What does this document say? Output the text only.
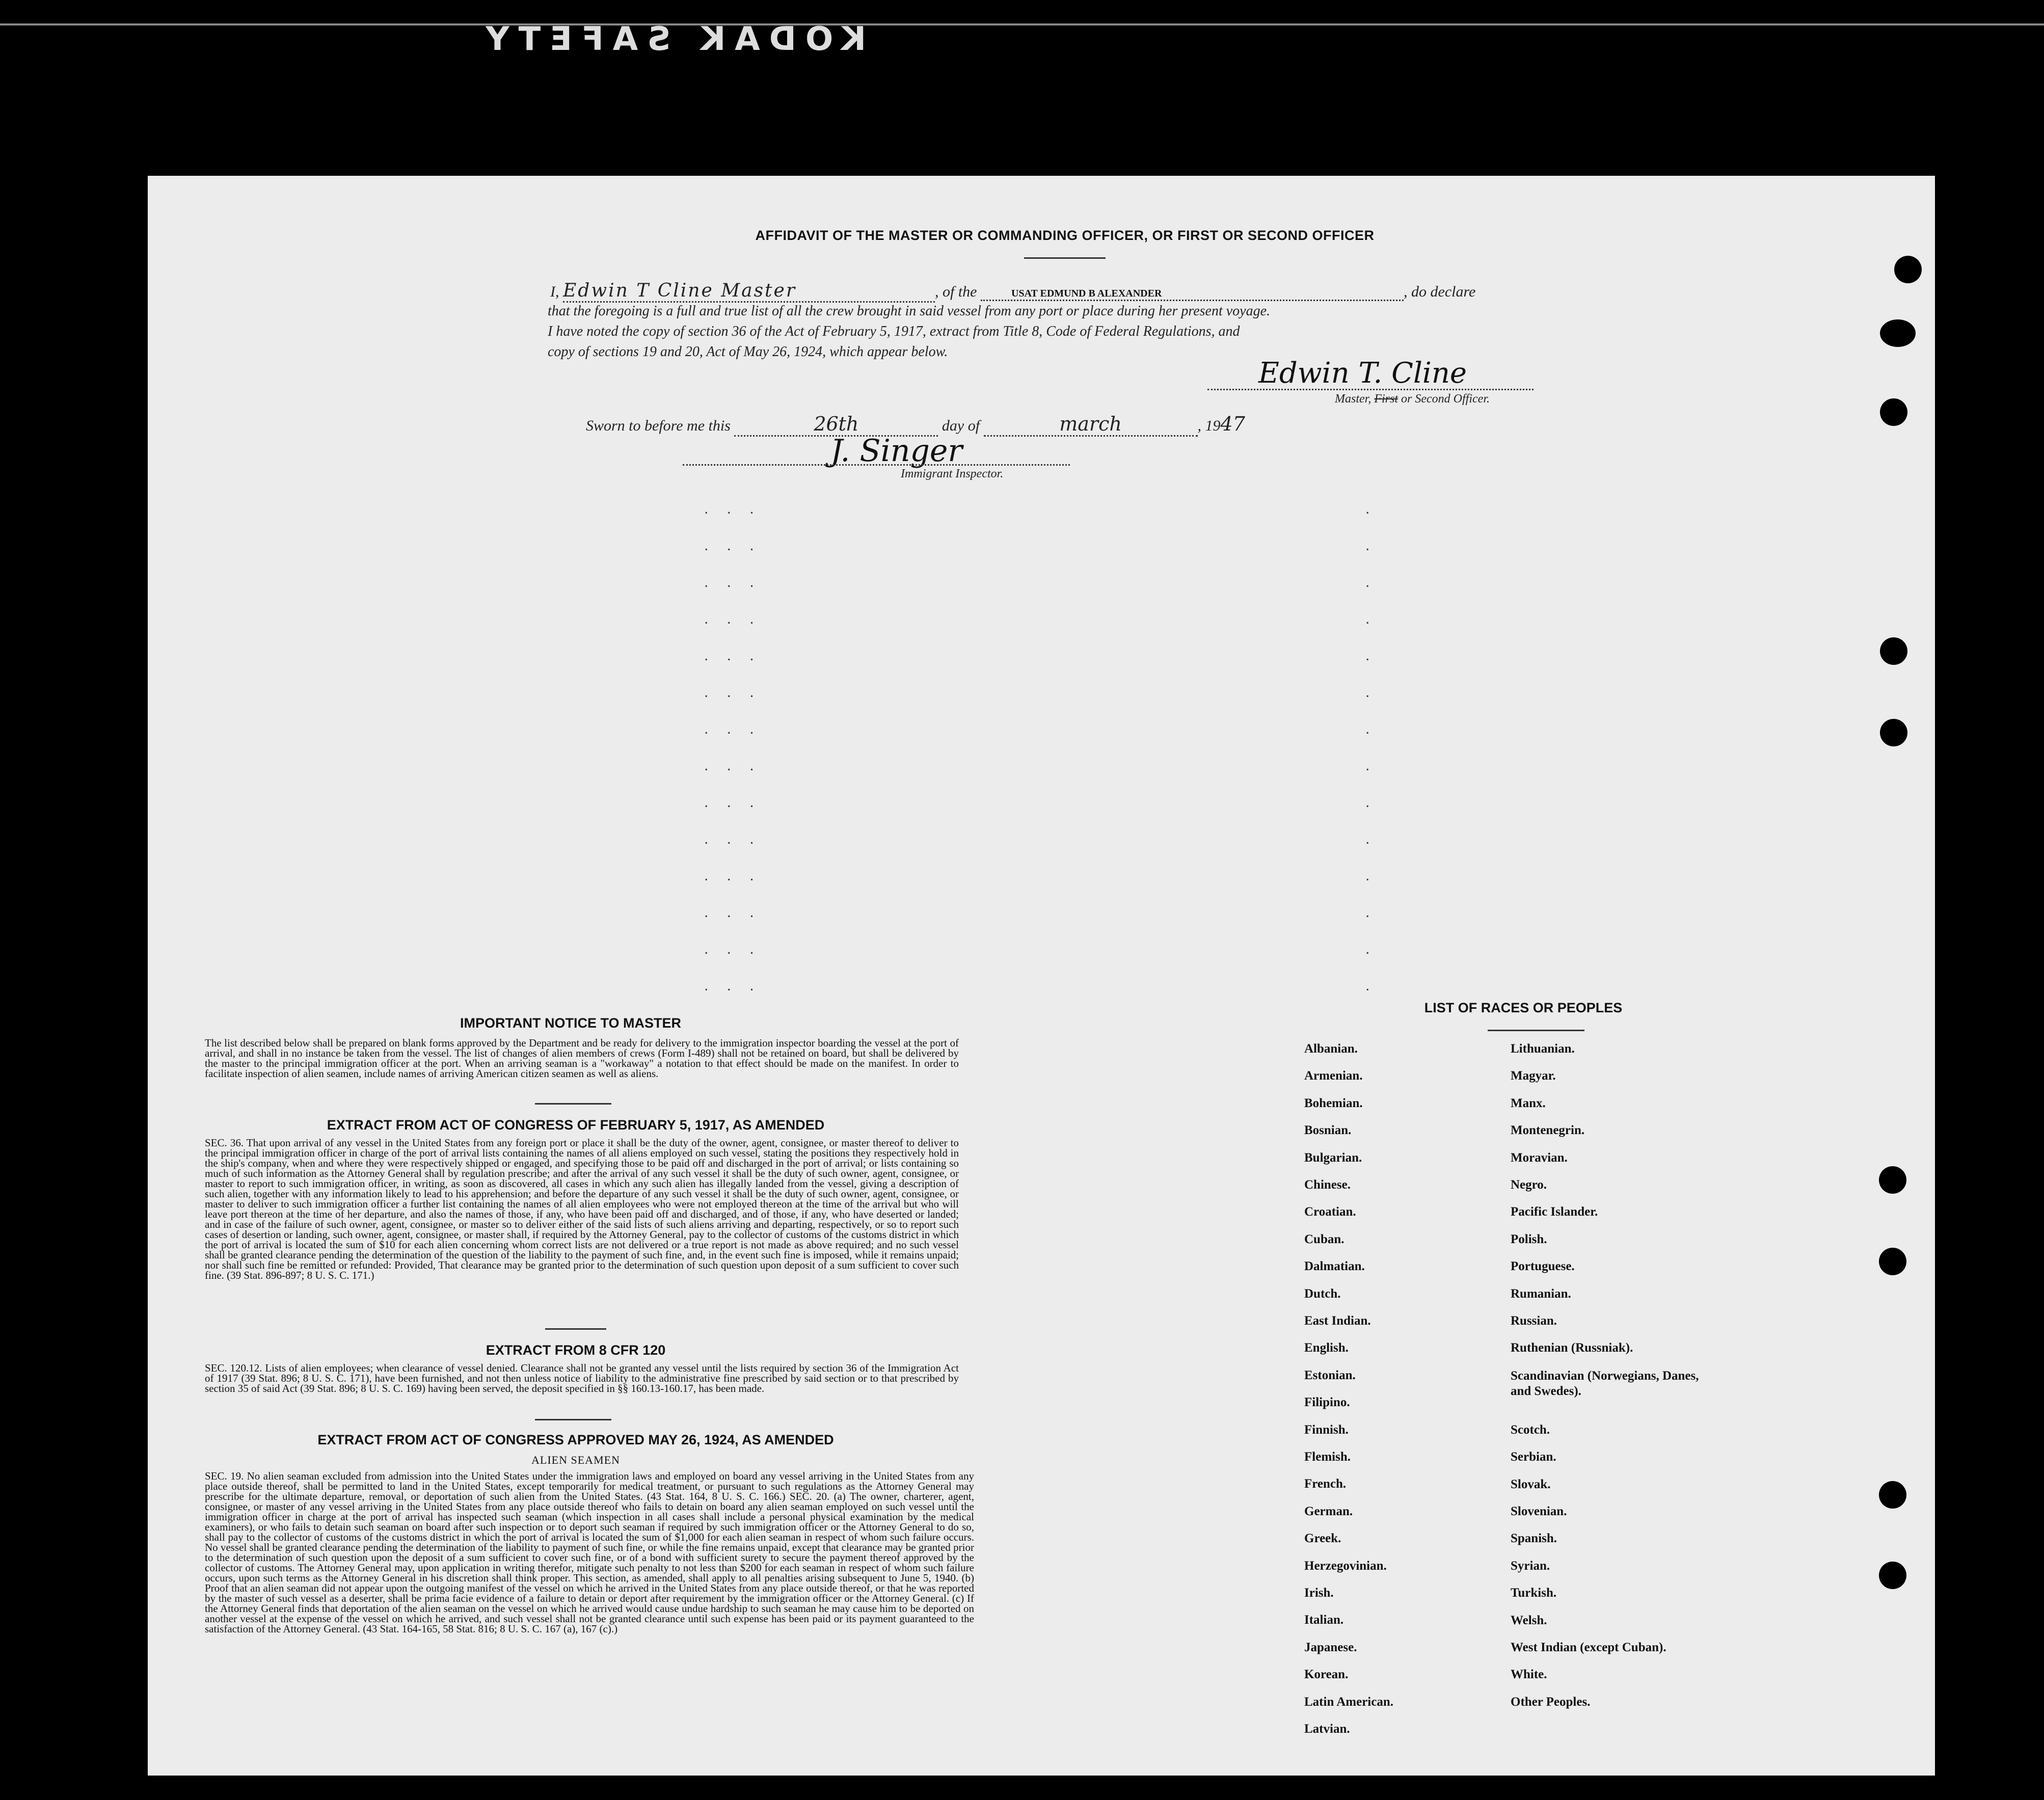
KODAK SAFETY
AFFIDAVIT OF THE MASTER OR COMMANDING OFFICER, OR FIRST OR SECOND OFFICER
I, Edwin T Cline Master	, of the	USAT EDMUND B ALEXANDER	, do declare
that the foregoing is a full and true list of all the crew brought in said vessel from any port or place during her present voyage.
I have noted the copy of section 36 of the Act of February 5, 1917, extract from Title 8, Code of Federal Regulations, and
copy of sections 19 and 20, Act of May 26, 1924, which appear below.
Edwin T. Cline
Master, First or Second Officer.
Sworn to before me this	26th	day of	march	, 1947
J. Singer
Immigrant Inspector.
. . .
. . .
. . .
. . .
. . .
. . .
. . .
. . .
. . .
. . .
. . .
. . .
. . .
. . .
.
.
.
.
.
.
.
.
.
.
.
.
.
.
IMPORTANT NOTICE TO MASTER
The list described below shall be prepared on blank forms approved by the Department and be ready for delivery to the immigration inspector boarding the vessel at the port of arrival, and shall in no instance be taken from the vessel. The list of changes of alien members of crews (Form I-489) shall not be retained on board, but shall be delivered by the master to the principal immigration officer at the port. When an arriving seaman is a "workaway" a notation to that effect should be made on the manifest. In order to facilitate inspection of alien seamen, include names of arriving American citizen seamen as well as aliens.
EXTRACT FROM ACT OF CONGRESS OF FEBRUARY 5, 1917, AS AMENDED
SEC. 36. That upon arrival of any vessel in the United States from any foreign port or place it shall be the duty of the owner, agent, consignee, or master thereof to deliver to the principal immigration officer in charge of the port of arrival lists containing the names of all aliens employed on such vessel, stating the positions they respectively hold in the ship's company, when and where they were respectively shipped or engaged, and specifying those to be paid off and discharged in the port of arrival; or lists containing so much of such information as the Attorney General shall by regulation prescribe; and after the arrival of any such vessel it shall be the duty of such owner, agent, consignee, or master to report to such immigration officer, in writing, as soon as discovered, all cases in which any such alien has illegally landed from the vessel, giving a description of such alien, together with any information likely to lead to his apprehension; and before the departure of any such vessel it shall be the duty of such owner, agent, consignee, or master to deliver to such immigration officer a further list containing the names of all alien employees who were not employed thereon at the time of the arrival but who will leave port thereon at the time of her departure, and also the names of those, if any, who have been paid off and discharged, and of those, if any, who have deserted or landed; and in case of the failure of such owner, agent, consignee, or master so to deliver either of the said lists of such aliens arriving and departing, respectively, or so to report such cases of desertion or landing, such owner, agent, consignee, or master shall, if required by the Attorney General, pay to the collector of customs of the customs district in which the port of arrival is located the sum of $10 for each alien concerning whom correct lists are not delivered or a true report is not made as above required; and no such vessel shall be granted clearance pending the determination of the question of the liability to the payment of such fine, and, in the event such fine is imposed, while it remains unpaid; nor shall such fine be remitted or refunded: Provided, That clearance may be granted prior to the determination of such question upon deposit of a sum sufficient to cover such fine. (39 Stat. 896-897; 8 U. S. C. 171.)
EXTRACT FROM 8 CFR 120
SEC. 120.12. Lists of alien employees; when clearance of vessel denied. Clearance shall not be granted any vessel until the lists required by section 36 of the Immigration Act of 1917 (39 Stat. 896; 8 U. S. C. 171), have been furnished, and not then unless notice of liability to the administrative fine prescribed by said section or to that prescribed by section 35 of said Act (39 Stat. 896; 8 U. S. C. 169) having been served, the deposit specified in §§ 160.13-160.17, has been made.
EXTRACT FROM ACT OF CONGRESS APPROVED MAY 26, 1924, AS AMENDED
ALIEN SEAMEN
SEC. 19. No alien seaman excluded from admission into the United States under the immigration laws and employed on board any vessel arriving in the United States from any place outside thereof, shall be permitted to land in the United States, except temporarily for medical treatment, or pursuant to such regulations as the Attorney General may prescribe for the ultimate departure, removal, or deportation of such alien from the United States. (43 Stat. 164, 8 U. S. C. 166.) SEC. 20. (a) The owner, charterer, agent, consignee, or master of any vessel arriving in the United States from any place outside thereof who fails to detain on board any alien seaman employed on such vessel until the immigration officer in charge at the port of arrival has inspected such seaman (which inspection in all cases shall include a personal physical examination by the medical examiners), or who fails to detain such seaman on board after such inspection or to deport such seaman if required by such immigration officer or the Attorney General to do so, shall pay to the collector of customs of the customs district in which the port of arrival is located the sum of $1,000 for each alien seaman in respect of whom such failure occurs. No vessel shall be granted clearance pending the determination of the liability to payment of such fine, or while the fine remains unpaid, except that clearance may be granted prior to the determination of such question upon the deposit of a sum sufficient to cover such fine, or of a bond with sufficient surety to secure the payment thereof approved by the collector of customs. The Attorney General may, upon application in writing therefor, mitigate such penalty to not less than $200 for each seaman in respect of whom such failure occurs, upon such terms as the Attorney General in his discretion shall think proper. This section, as amended, shall apply to all penalties arising subsequent to June 5, 1940. (b) Proof that an alien seaman did not appear upon the outgoing manifest of the vessel on which he arrived in the United States from any place outside thereof, or that he was reported by the master of such vessel as a deserter, shall be prima facie evidence of a failure to detain or deport after requirement by the immigration officer or the Attorney General. (c) If the Attorney General finds that deportation of the alien seaman on the vessel on which he arrived would cause undue hardship to such seaman he may cause him to be deported on another vessel at the expense of the vessel on which he arrived, and such vessel shall not be granted clearance until such expense has been paid or its payment guaranteed to the satisfaction of the Attorney General. (43 Stat. 164-165, 58 Stat. 816; 8 U. S. C. 167 (a), 167 (c).)
LIST OF RACES OR PEOPLES
Albanian.
Armenian.
Bohemian.
Bosnian.
Bulgarian.
Chinese.
Croatian.
Cuban.
Dalmatian.
Dutch.
East Indian.
English.
Estonian.
Filipino.
Finnish.
Flemish.
French.
German.
Greek.
Herzegovinian.
Irish.
Italian.
Japanese.
Korean.
Latin American.
Latvian.
Lithuanian.
Magyar.
Manx.
Montenegrin.
Moravian.
Negro.
Pacific Islander.
Polish.
Portuguese.
Rumanian.
Russian.
Ruthenian (Russniak).
Scandinavian (Norwegians, Danes, and Swedes).
Scotch.
Serbian.
Slovak.
Slovenian.
Spanish.
Syrian.
Turkish.
Welsh.
West Indian (except Cuban).
White.
Other Peoples.
